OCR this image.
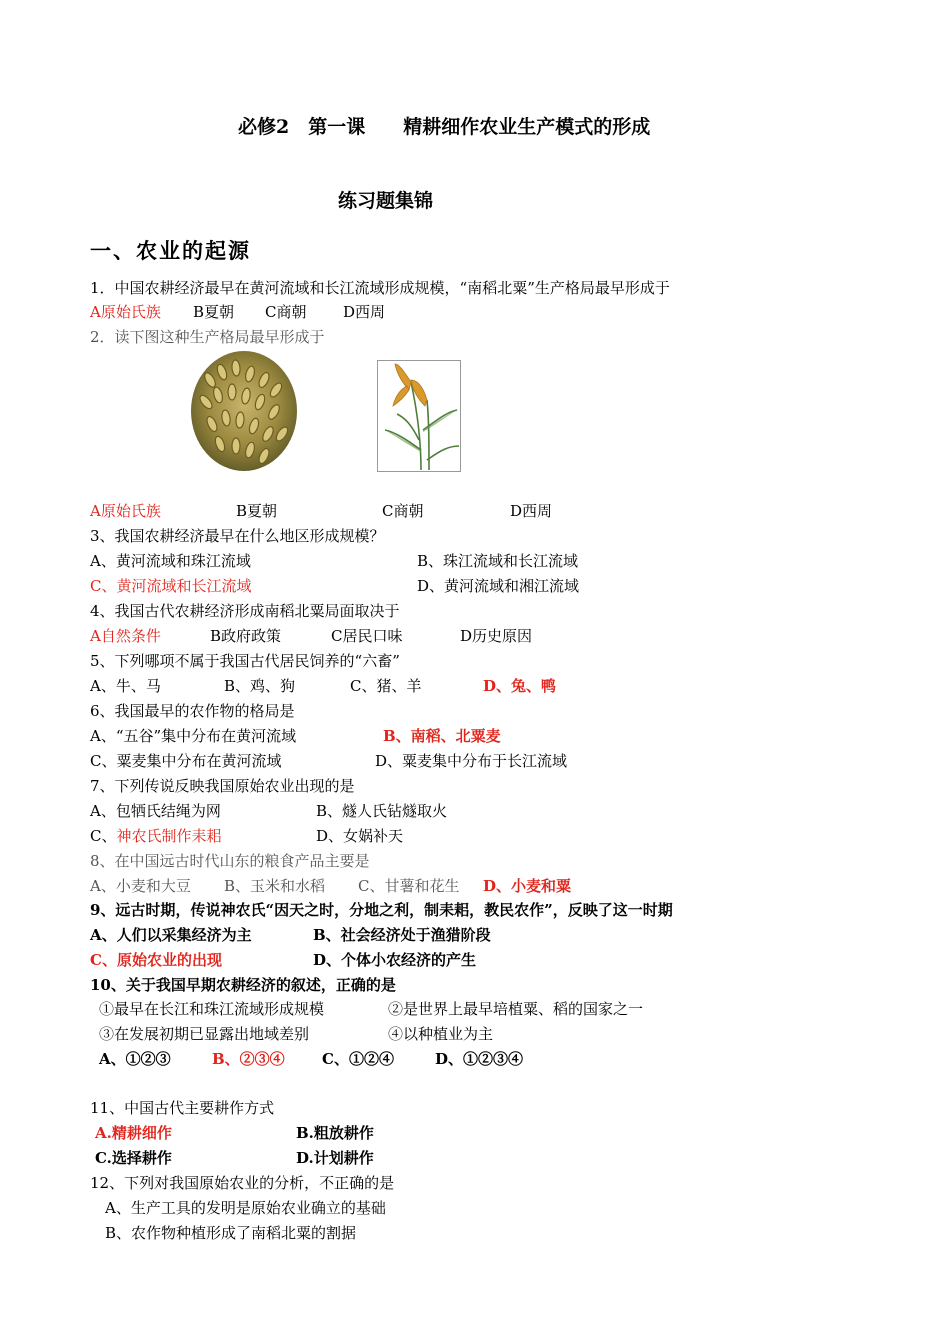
必修2　第一课　　精耕细作农业生产模式的形成
练习题集锦
一、农业的起源
1．中国农耕经济最早在黄河流域和长江流域形成规模，“南稻北粟”生产格局最早形成于
A原始氏族 B夏朝 C商朝 D西周
2．读下图这种生产格局最早形成于
A原始氏族	B夏朝	C商朝	D西周
3、我国农耕经济最早在什么地区形成规模？
A、黄河流域和珠江流域	B、珠江流域和长江流域
C、黄河流域和长江流域	D、黄河流域和湘江流域
4、我国古代农耕经济形成南稻北粟局面取决于
A自然条件	B政府政策	C居民口味	D历史原因
5、下列哪项不属于我国古代居民饲养的“六畜”
A、牛、马	B、鸡、狗	C、猪、羊	D、兔、鸭
6、我国最早的农作物的格局是
A、“五谷”集中分布在黄河流域	B、南稻、北粟麦
C、粟麦集中分布在黄河流域	D、粟麦集中分布于长江流域
7、下列传说反映我国原始农业出现的是
A、包牺氏结绳为网	B、燧人氏钻燧取火
C、神农氏制作耒耜	D、女娲补天
8、在中国远古时代山东的粮食产品主要是
A、小麦和大豆 B、玉米和水稻 C、甘薯和花生 D、小麦和粟
9、远古时期，传说神农氏“因天之时，分地之利，制耒耜，教民农作”，反映了这一时期
A、人们以采集经济为主	B、社会经济处于渔猎阶段
C、原始农业的出现	D、个体小农经济的产生
10、关于我国早期农耕经济的叙述，正确的是
①最早在长江和珠江流域形成规模	②是世界上最早培植粟、稻的国家之一
③在发展初期已显露出地域差别	④以种植业为主
A、①②③	B、②③④ C、①②④	D、①②③④
11、中国古代主要耕作方式
A.精耕细作	B.粗放耕作
C.选择耕作	D.计划耕作
12、下列对我国原始农业的分析，不正确的是
A、生产工具的发明是原始农业确立的基础
B、农作物种植形成了南稻北粟的割据
